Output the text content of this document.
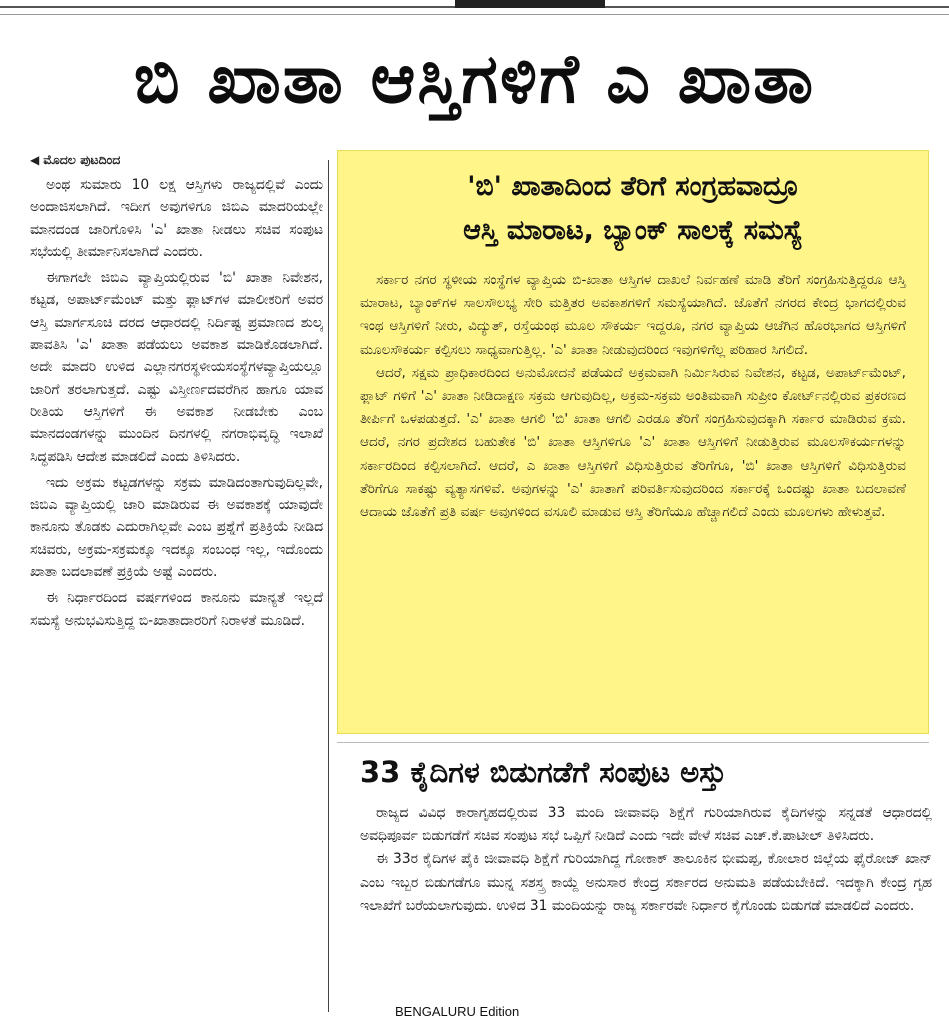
ಬಿ ಖಾತಾ ಆಸ್ತಿಗಳಿಗೆ ಎ ಖಾತಾ
◀ ಮೊದಲ ಪುಟದಿಂದ

ಅಂಥ ಸುಮಾರು 10 ಲಕ್ಷ ಆಸ್ತಿಗಳು ರಾಜ್ಯದಲ್ಲಿವೆ ಎಂದು ಅಂದಾಜಿಸಲಾಗಿದೆ. ಇದೀಗ ಅವುಗಳಿಗೂ ಜಿಬಿಎ ಮಾದರಿಯಲ್ಲೇ ಮಾನದಂಡ ಜಾರಿಗೊಳಿಸಿ 'ಎ' ಖಾತಾ ನೀಡಲು ಸಚಿವ ಸಂಪುಟ ಸಭೆಯಲ್ಲಿ ತೀರ್ಮಾನಿಸಲಾಗಿದೆ ಎಂದರು.

ಈಗಾಗಲೇ ಜಿಬಿಎ ವ್ಯಾಪ್ತಿಯಲ್ಲಿರುವ 'ಬಿ' ಖಾತಾ ನಿವೇಶನ, ಕಟ್ಟಡ, ಅಪಾರ್ಟ್‌ಮೆಂಟ್ ಮತ್ತು ಫ್ಲಾಟ್‌ಗಳ ಮಾಲೀಕರಿಗೆ ಅವರ ಆಸ್ತಿ ಮಾರ್ಗಸೂಚಿ ದರದ ಆಧಾರದಲ್ಲಿ ನಿರ್ದಿಷ್ಟ ಪ್ರಮಾಣದ ಶುಲ್ಕ ಪಾವತಿಸಿ 'ಎ' ಖಾತಾ ಪಡೆಯಲು ಅವಕಾಶ ಮಾಡಿಕೊಡಲಾಗಿದೆ. ಅದೇ ಮಾದರಿ ಉಳಿದ ಎಲ್ಲಾನಗರಸ್ಥಳೀಯಸಂಸ್ಥೆಗಳವ್ಯಾಪ್ತಿಯಲ್ಲೂ ಜಾರಿಗೆ ತರಲಾಗುತ್ತದೆ. ಎಷ್ಟು ವಿಸ್ತೀರ್ಣದವರೆಗಿನ ಹಾಗೂ ಯಾವ ರೀತಿಯ ಆಸ್ತಿಗಳಿಗೆ ಈ ಅವಕಾಶ ನೀಡಬೇಕು ಎಂಬ ಮಾನದಂಡಗಳನ್ನು ಮುಂದಿನ ದಿನಗಳಲ್ಲಿ ನಗರಾಭಿವೃದ್ಧಿ ಇಲಾಖೆ ಸಿದ್ಧಪಡಿಸಿ ಆದೇಶ ಮಾಡಲಿದೆ ಎಂದು ತಿಳಿಸಿದರು.

ಇದು ಅಕ್ರಮ ಕಟ್ಟಡಗಳನ್ನು ಸಕ್ರಮ ಮಾಡಿದಂತಾಗುವುದಿಲ್ಲವೇ, ಜಿಬಿಎ ವ್ಯಾಪ್ತಿಯಲ್ಲಿ ಜಾರಿ ಮಾಡಿರುವ ಈ ಅವಕಾಶಕ್ಕೆ ಯಾವುದೇ ಕಾನೂನು ತೊಡಕು ಎದುರಾಗಿಲ್ಲವೇ ಎಂಬ ಪ್ರಶ್ನೆಗೆ ಪ್ರತಿಕ್ರಿಯೆ ನೀಡಿದ ಸಚಿವರು, ಅಕ್ರಮ-ಸಕ್ರಮಕ್ಕೂ ಇದಕ್ಕೂ ಸಂಬಂಧ ಇಲ್ಲ, ಇದೊಂದು ಖಾತಾ ಬದಲಾವಣೆ ಪ್ರಕ್ರಿಯೆ ಅಷ್ಟೆ ಎಂದರು.

ಈ ನಿರ್ಧಾರದಿಂದ ವರ್ಷಗಳಿಂದ ಕಾನೂನು ಮಾನ್ಯತೆ ಇಲ್ಲದೆ ಸಮಸ್ಯೆ ಅನುಭವಿಸುತ್ತಿದ್ದ ಬಿ-ಖಾತಾದಾರರಿಗೆ ನಿರಾಳತೆ ಮೂಡಿದೆ.

'ಬಿ' ಖಾತಾದಿಂದ ತೆರಿಗೆ ಸಂಗ್ರಹವಾದ್ರೂ
ಆಸ್ತಿ ಮಾರಾಟ, ಬ್ಯಾಂಕ್ ಸಾಲಕ್ಕೆ ಸಮಸ್ಯೆ

ಸರ್ಕಾರ ನಗರ ಸ್ಥಳೀಯ ಸಂಸ್ಥೆಗಳ ವ್ಯಾಪ್ತಿಯ ಬಿ-ಖಾತಾ ಆಸ್ತಿಗಳ ದಾಖಲೆ ನಿರ್ವಹಣೆ ಮಾಡಿ ತೆರಿಗೆ ಸಂಗ್ರಹಿಸುತ್ತಿದ್ದರೂ ಆಸ್ತಿ ಮಾರಾಟ, ಬ್ಯಾಂಕ್‌ಗಳ ಸಾಲಸೌಲಭ್ಯ ಸೇರಿ ಮತ್ತಿತರ ಅವಕಾಶಗಳಿಗೆ ಸಮಸ್ಯೆಯಾಗಿದೆ. ಜೊತೆಗೆ ನಗರದ ಕೇಂದ್ರ ಭಾಗದಲ್ಲಿರುವ ಇಂಥ ಆಸ್ತಿಗಳಿಗೆ ನೀರು, ವಿದ್ಯುತ್, ರಸ್ತೆಯಂಥ ಮೂಲ ಸೌಕರ್ಯ ಇದ್ದರೂ, ನಗರ ವ್ಯಾಪ್ತಿಯ ಆಚೆಗಿನ ಹೊರಭಾಗದ ಆಸ್ತಿಗಳಿಗೆ ಮೂಲಸೌಕರ್ಯ ಕಲ್ಪಿಸಲು ಸಾಧ್ಯವಾಗುತ್ತಿಲ್ಲ. 'ಎ' ಖಾತಾ ನೀಡುವುದರಿಂದ ಇವುಗಳಿಗೆಲ್ಲ ಪರಿಹಾರ ಸಿಗಲಿದೆ.

ಆದರೆ, ಸಕ್ಷಮ ಪ್ರಾಧಿಕಾರದಿಂದ ಅನುಮೋದನೆ ಪಡೆಯದೆ ಅಕ್ರಮವಾಗಿ ನಿರ್ಮಿಸಿರುವ ನಿವೇಶನ, ಕಟ್ಟಡ, ಅಪಾರ್ಟ್‌ಮೆಂಟ್, ಫ್ಲಾಟ್ ಗಳಿಗೆ 'ಎ' ಖಾತಾ ನೀಡಿದಾಕ್ಷಣ ಸಕ್ರಮ ಆಗುವುದಿಲ್ಲ, ಅಕ್ರಮ-ಸಕ್ರಮ ಅಂತಿಮವಾಗಿ ಸುಪ್ರೀಂ ಕೋರ್ಟ್‌ನಲ್ಲಿರುವ ಪ್ರಕರಣದ ತೀರ್ಪಿಗೆ ಒಳಪಡುತ್ತದೆ. 'ಎ' ಖಾತಾ ಆಗಲಿ 'ಬಿ' ಖಾತಾ ಆಗಲಿ ಎರಡೂ ತೆರಿಗೆ ಸಂಗ್ರಹಿಸುವುದಕ್ಕಾಗಿ ಸರ್ಕಾರ ಮಾಡಿರುವ ಕ್ರಮ. ಆದರೆ, ನಗರ ಪ್ರದೇಶದ ಬಹುತೇಕ 'ಬಿ' ಖಾತಾ ಆಸ್ತಿಗಳಿಗೂ 'ಎ' ಖಾತಾ ಆಸ್ತಿಗಳಿಗೆ ನೀಡುತ್ತಿರುವ ಮೂಲಸೌಕರ್ಯಗಳನ್ನು ಸರ್ಕಾರದಿಂದ ಕಲ್ಪಿಸಲಾಗಿದೆ. ಆದರೆ, ಎ ಖಾತಾ ಆಸ್ತಿಗಳಿಗೆ ವಿಧಿಸುತ್ತಿರುವ ತೆರಿಗೆಗೂ, 'ಬಿ' ಖಾತಾ ಆಸ್ತಿಗಳಿಗೆ ವಿಧಿಸುತ್ತಿರುವ ತೆರಿಗೆಗೂ ಸಾಕಷ್ಟು ವ್ಯತ್ಯಾಸಗಳಿವೆ. ಅವುಗಳನ್ನು 'ಎ' ಖಾತಾಗೆ ಪರಿವರ್ತಿಸುವುದರಿಂದ ಸರ್ಕಾರಕ್ಕೆ ಒಂದಷ್ಟು ಖಾತಾ ಬದಲಾವಣೆ ಆದಾಯ ಜೊತೆಗೆ ಪ್ರತಿ ವರ್ಷ ಅವುಗಳಿಂದ ವಸೂಲಿ ಮಾಡುವ ಆಸ್ತಿ ತೆರಿಗೆಯೂ ಹೆಚ್ಚಾಗಲಿದೆ ಎಂದು ಮೂಲಗಳು ಹೇಳುತ್ತವೆ.

33 ಕೈದಿಗಳ ಬಿಡುಗಡೆಗೆ ಸಂಪುಟ ಅಸ್ತು

ರಾಜ್ಯದ ವಿವಿಧ ಕಾರಾಗೃಹದಲ್ಲಿರುವ 33 ಮಂದಿ ಜೀವಾವಧಿ ಶಿಕ್ಷೆಗೆ ಗುರಿಯಾಗಿರುವ ಕೈದಿಗಳನ್ನು ಸನ್ನಡತೆ ಆಧಾರದಲ್ಲಿ ಅವಧಿಪೂರ್ವ ಬಿಡುಗಡೆಗೆ ಸಚಿವ ಸಂಪುಟ ಸಭೆ ಒಪ್ಪಿಗೆ ನೀಡಿದೆ ಎಂದು ಇದೇ ವೇಳೆ ಸಚಿವ ಎಚ್.ಕೆ.ಪಾಟೀಲ್ ತಿಳಿಸಿದರು.

ಈ 33ರ ಕೈದಿಗಳ ಪೈಕಿ ಜೀವಾವಧಿ ಶಿಕ್ಷೆಗೆ ಗುರಿಯಾಗಿದ್ದ ಗೋಕಾಕ್ ತಾಲೂಕಿನ ಭೀಮಪ್ಪ, ಕೋಲಾರ ಜಿಲ್ಲೆಯ ಫೈರೋಜ್ ಖಾನ್ ಎಂಬ ಇಬ್ಬರ ಬಿಡುಗಡೆಗೂ ಮುನ್ನ ಸಶಸ್ತ್ರ ಕಾಯ್ದೆ ಅನುಸಾರ ಕೇಂದ್ರ ಸರ್ಕಾರದ ಅನುಮತಿ ಪಡೆಯಬೇಕಿದೆ. ಇದಕ್ಕಾಗಿ ಕೇಂದ್ರ ಗೃಹ ಇಲಾಖೆಗೆ ಬರೆಯಲಾಗುವುದು. ಉಳಿದ 31 ಮಂದಿಯನ್ನು ರಾಜ್ಯ ಸರ್ಕಾರವೇ ನಿರ್ಧಾರ ಕೈಗೊಂಡು ಬಿಡುಗಡೆ ಮಾಡಲಿದೆ ಎಂದರು.

BENGALURU Edition
